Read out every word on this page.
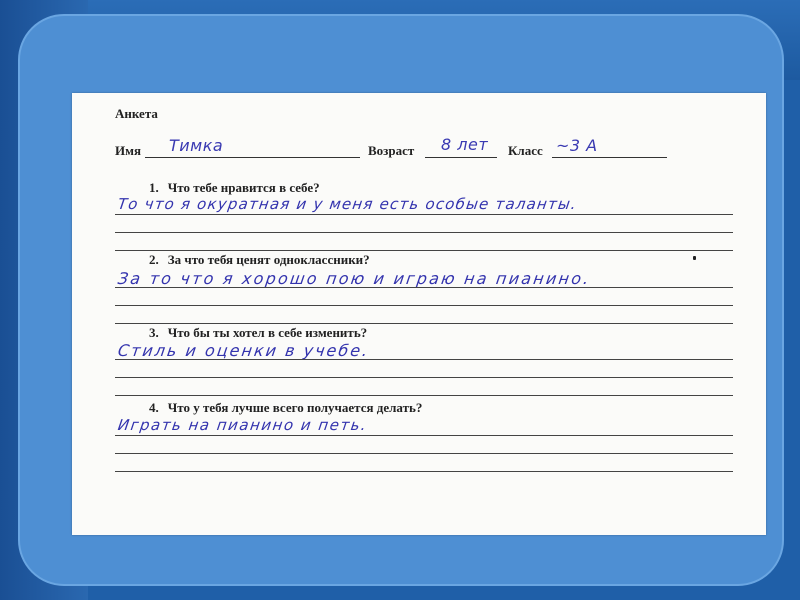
Анкета
Имя Тимка	Возраст 8 лет Класс ~3 А
1. Что тебе нравится в себе?
То что я окуратная и у меня есть особые таланты.
2. За что тебя ценят одноклассники?
За то что я хорошо пою и играю на пианино.
3. Что бы ты хотел в себе изменить?
Стиль и оценки в учебе.
4. Что у тебя лучше всего получается делать?
Играть на пианино и петь.
